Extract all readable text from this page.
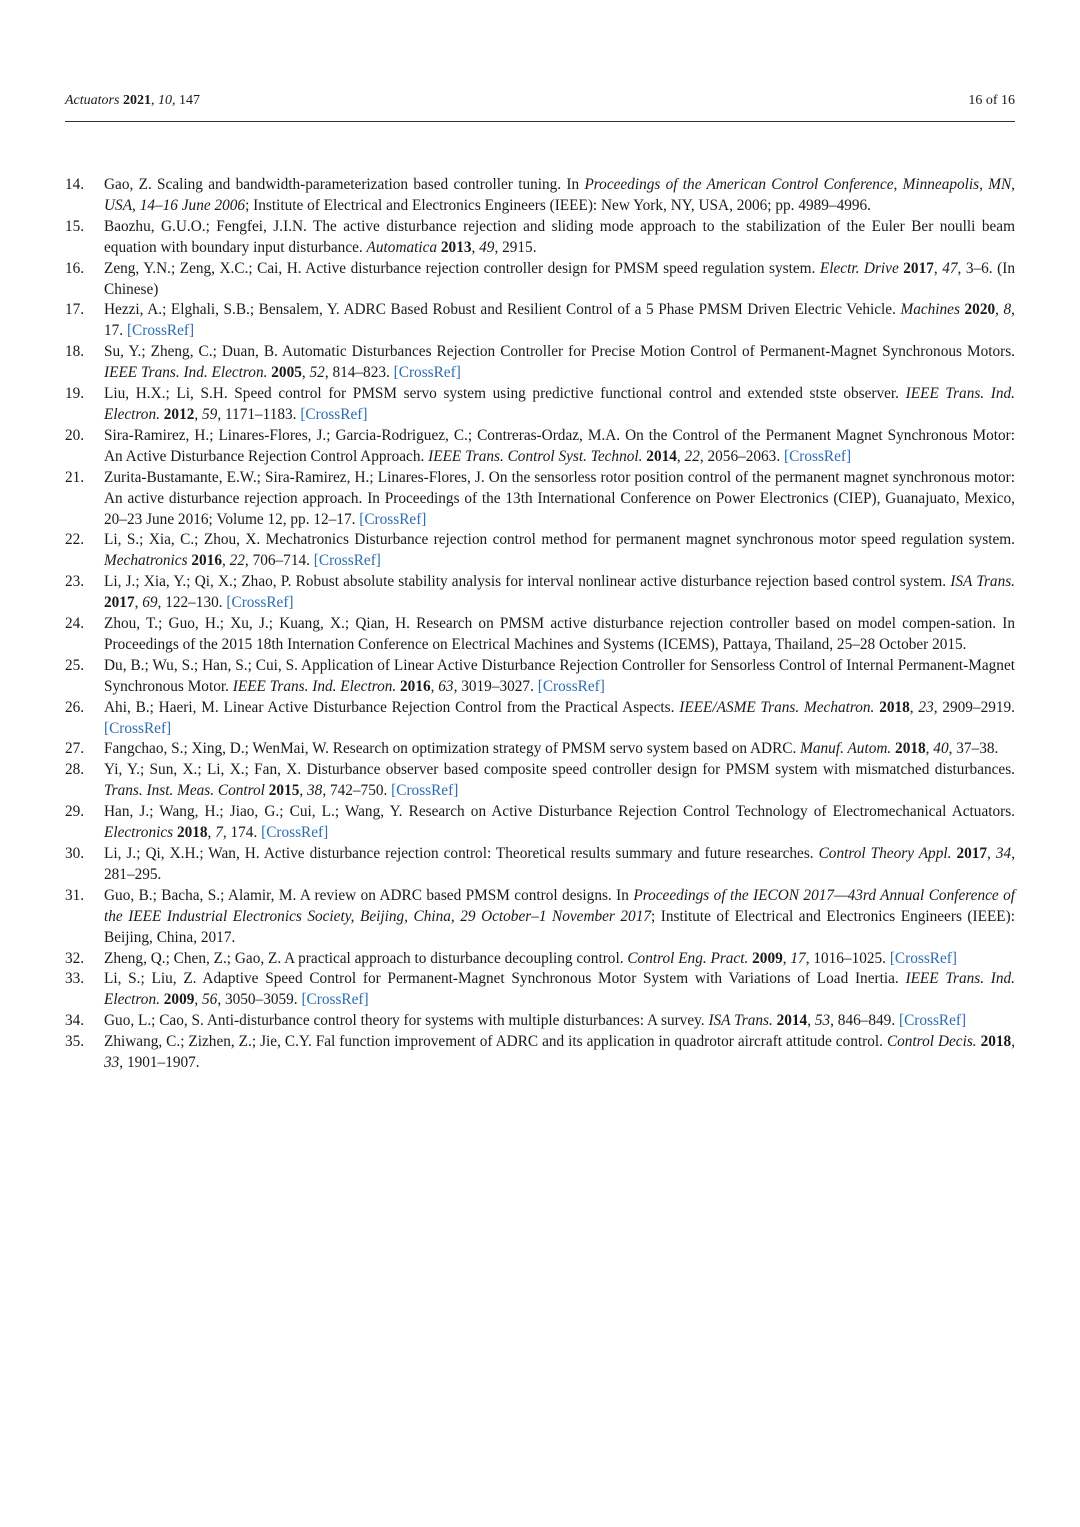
Actuators 2021, 10, 147	16 of 16
14. Gao, Z. Scaling and bandwidth-parameterization based controller tuning. In Proceedings of the American Control Conference, Minneapolis, MN, USA, 14–16 June 2006; Institute of Electrical and Electronics Engineers (IEEE): New York, NY, USA, 2006; pp. 4989–4996.
15. Baozhu, G.U.O.; Fengfei, J.I.N. The active disturbance rejection and sliding mode approach to the stabilization of the Euler Ber noulli beam equation with boundary input disturbance. Automatica 2013, 49, 2915.
16. Zeng, Y.N.; Zeng, X.C.; Cai, H. Active disturbance rejection controller design for PMSM speed regulation system. Electr. Drive 2017, 47, 3–6. (In Chinese)
17. Hezzi, A.; Elghali, S.B.; Bensalem, Y. ADRC Based Robust and Resilient Control of a 5 Phase PMSM Driven Electric Vehicle. Machines 2020, 8, 17. [CrossRef]
18. Su, Y.; Zheng, C.; Duan, B. Automatic Disturbances Rejection Controller for Precise Motion Control of Permanent-Magnet Synchronous Motors. IEEE Trans. Ind. Electron. 2005, 52, 814–823. [CrossRef]
19. Liu, H.X.; Li, S.H. Speed control for PMSM servo system using predictive functional control and extended stste observer. IEEE Trans. Ind. Electron. 2012, 59, 1171–1183. [CrossRef]
20. Sira-Ramirez, H.; Linares-Flores, J.; Garcia-Rodriguez, C.; Contreras-Ordaz, M.A. On the Control of the Permanent Magnet Synchronous Motor: An Active Disturbance Rejection Control Approach. IEEE Trans. Control Syst. Technol. 2014, 22, 2056–2063. [CrossRef]
21. Zurita-Bustamante, E.W.; Sira-Ramirez, H.; Linares-Flores, J. On the sensorless rotor position control of the permanent magnet synchronous motor: An active disturbance rejection approach. In Proceedings of the 13th International Conference on Power Electronics (CIEP), Guanajuato, Mexico, 20–23 June 2016; Volume 12, pp. 12–17. [CrossRef]
22. Li, S.; Xia, C.; Zhou, X. Mechatronics Disturbance rejection control method for permanent magnet synchronous motor speed regulation system. Mechatronics 2016, 22, 706–714. [CrossRef]
23. Li, J.; Xia, Y.; Qi, X.; Zhao, P. Robust absolute stability analysis for interval nonlinear active disturbance rejection based control system. ISA Trans. 2017, 69, 122–130. [CrossRef]
24. Zhou, T.; Guo, H.; Xu, J.; Kuang, X.; Qian, H. Research on PMSM active disturbance rejection controller based on model compen-sation. In Proceedings of the 2015 18th Internation Conference on Electrical Machines and Systems (ICEMS), Pattaya, Thailand, 25–28 October 2015.
25. Du, B.; Wu, S.; Han, S.; Cui, S. Application of Linear Active Disturbance Rejection Controller for Sensorless Control of Internal Permanent-Magnet Synchronous Motor. IEEE Trans. Ind. Electron. 2016, 63, 3019–3027. [CrossRef]
26. Ahi, B.; Haeri, M. Linear Active Disturbance Rejection Control from the Practical Aspects. IEEE/ASME Trans. Mechatron. 2018, 23, 2909–2919. [CrossRef]
27. Fangchao, S.; Xing, D.; WenMai, W. Research on optimization strategy of PMSM servo system based on ADRC. Manuf. Autom. 2018, 40, 37–38.
28. Yi, Y.; Sun, X.; Li, X.; Fan, X. Disturbance observer based composite speed controller design for PMSM system with mismatched disturbances. Trans. Inst. Meas. Control 2015, 38, 742–750. [CrossRef]
29. Han, J.; Wang, H.; Jiao, G.; Cui, L.; Wang, Y. Research on Active Disturbance Rejection Control Technology of Electromechanical Actuators. Electronics 2018, 7, 174. [CrossRef]
30. Li, J.; Qi, X.H.; Wan, H. Active disturbance rejection control: Theoretical results summary and future researches. Control Theory Appl. 2017, 34, 281–295.
31. Guo, B.; Bacha, S.; Alamir, M. A review on ADRC based PMSM control designs. In Proceedings of the IECON 2017—43rd Annual Conference of the IEEE Industrial Electronics Society, Beijing, China, 29 October–1 November 2017; Institute of Electrical and Electronics Engineers (IEEE): Beijing, China, 2017.
32. Zheng, Q.; Chen, Z.; Gao, Z. A practical approach to disturbance decoupling control. Control Eng. Pract. 2009, 17, 1016–1025. [CrossRef]
33. Li, S.; Liu, Z. Adaptive Speed Control for Permanent-Magnet Synchronous Motor System with Variations of Load Inertia. IEEE Trans. Ind. Electron. 2009, 56, 3050–3059. [CrossRef]
34. Guo, L.; Cao, S. Anti-disturbance control theory for systems with multiple disturbances: A survey. ISA Trans. 2014, 53, 846–849. [CrossRef]
35. Zhiwang, C.; Zizhen, Z.; Jie, C.Y. Fal function improvement of ADRC and its application in quadrotor aircraft attitude control. Control Decis. 2018, 33, 1901–1907.
